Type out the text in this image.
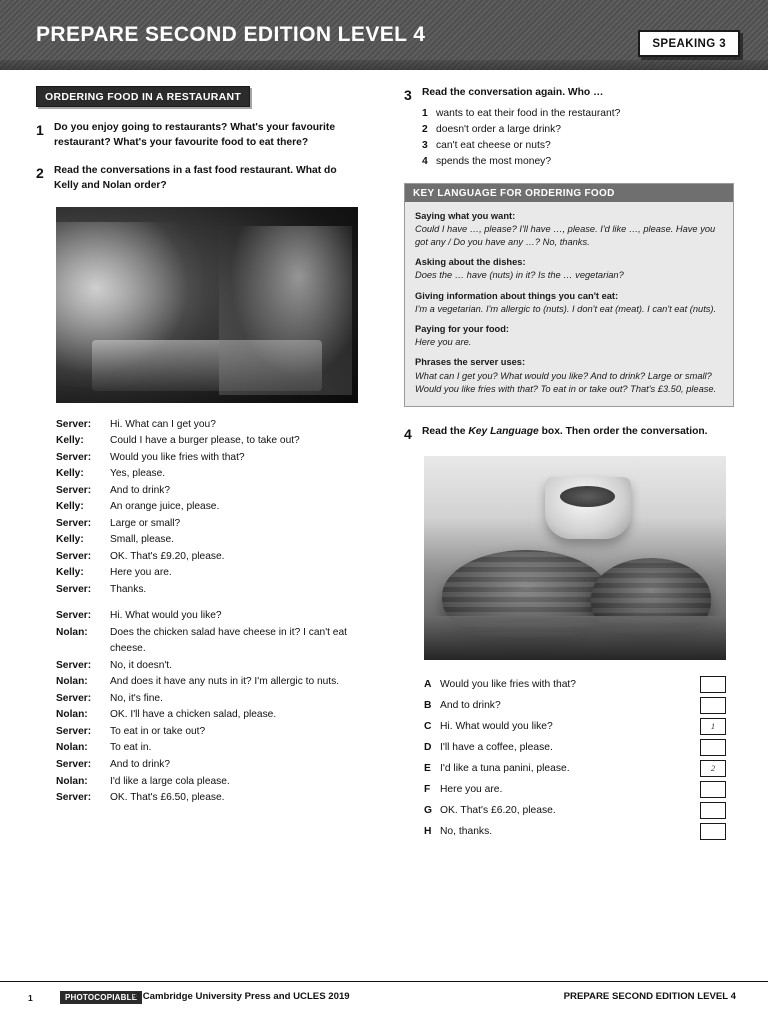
PREPARE SECOND EDITION LEVEL 4	SPEAKING 3
ORDERING FOOD IN A RESTAURANT
1 Do you enjoy going to restaurants? What's your favourite restaurant? What's your favourite food to eat there?
2 Read the conversations in a fast food restaurant. What do Kelly and Nolan order?
Server:	Hi. What can I get you?
Kelly:	Could I have a burger please, to take out?
Server:	Would you like fries with that?
Kelly:	Yes, please.
Server:	And to drink?
Kelly:	An orange juice, please.
Server:	Large or small?
Kelly:	Small, please.
Server:	OK. That's £9.20, please.
Kelly:	Here you are.
Server:	Thanks.
Server:	Hi. What would you like?
Nolan:	Does the chicken salad have cheese in it? I can't eat cheese.
Server:	No, it doesn't.
Nolan:	And does it have any nuts in it? I'm allergic to nuts.
Server:	No, it's fine.
Nolan:	OK. I'll have a chicken salad, please.
Server:	To eat in or take out?
Nolan:	To eat in.
Server:	And to drink?
Nolan:	I'd like a large cola please.
Server:	OK. That's £6.50, please.
3 Read the conversation again. Who …
1 wants to eat their food in the restaurant?
2 doesn't order a large drink?
3 can't eat cheese or nuts?
4 spends the most money?
KEY LANGUAGE FOR ORDERING FOOD
Saying what you want:
Could I have …, please? I'll have …, please. I'd like …, please. Have you got any / Do you have any …? No, thanks.
Asking about the dishes:
Does the … have (nuts) in it? Is the … vegetarian?
Giving information about things you can't eat:
I'm a vegetarian. I'm allergic to (nuts). I don't eat (meat). I can't eat (nuts).
Paying for your food:
Here you are.
Phrases the server uses:
What can I get you? What would you like? And to drink? Large or small? Would you like fries with that? To eat in or take out? That's £3.50, please.
4 Read the Key Language box. Then order the conversation.
A Would you like fries with that?
B And to drink?
C Hi. What would you like?	1
D I'll have a coffee, please.
E I'd like a tuna panini, please.	2
F Here you are.
G OK. That's £6.20, please.
H No, thanks.
1	PHOTOCOPIABLE
© Cambridge University Press and UCLES 2019	PREPARE SECOND EDITION LEVEL 4
